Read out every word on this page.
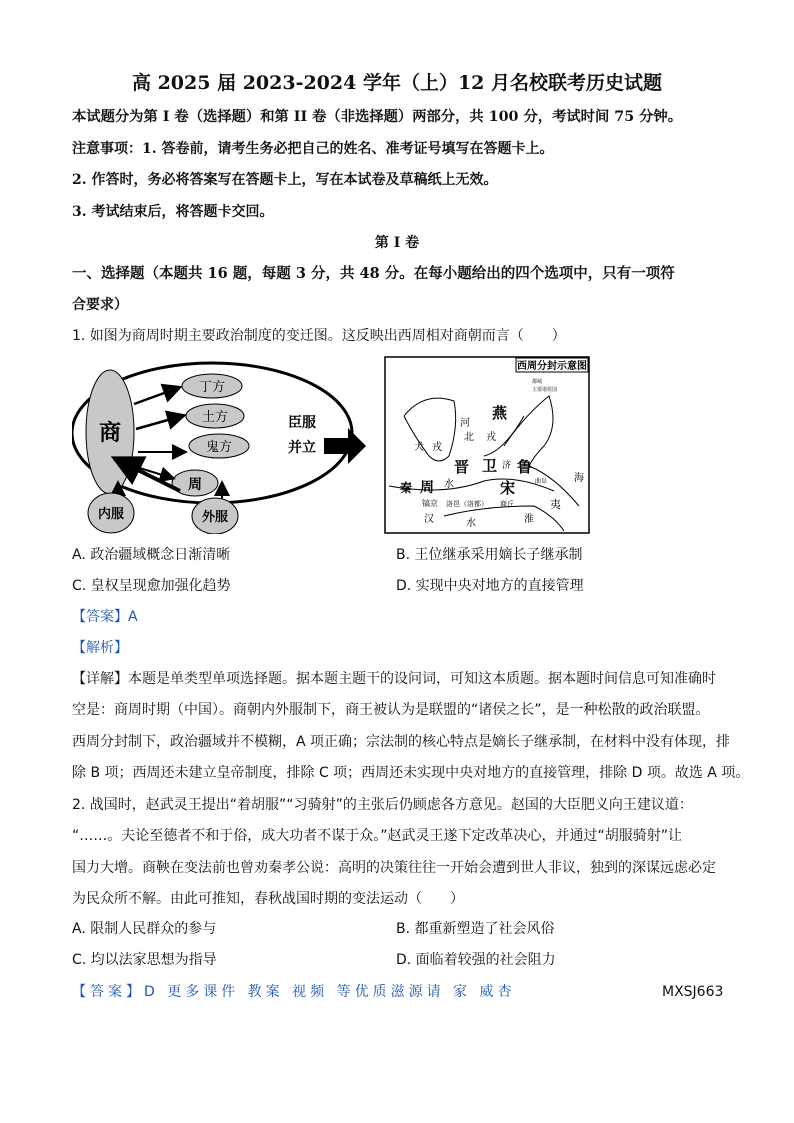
高 2025 届 2023-2024 学年（上）12 月名校联考历史试题
本试题分为第 I 卷（选择题）和第 II 卷（非选择题）两部分，共 100 分，考试时间 75 分钟。
注意事项：1. 答卷前，请考生务必把自己的姓名、准考证号填写在答题卡上。
2. 作答时，务必将答案写在答题卡上，写在本试卷及草稿纸上无效。
3. 考试结束后，将答题卡交回。
第 I 卷
一、选择题（本题共 16 题，每题 3 分，共 48 分。在每小题给出的四个选项中，只有一项符
合要求）
1. 如图为商周时期主要政治制度的变迁图。这反映出西周相对商朝而言（　　）
商
丁方
土方
鬼方
周
内服	外服
臣服
并立
西周分封示意图
都城
主要诸侯国
燕
晋	鲁
宋
卫
秦 周
镐京 洛邑（洛都）
河
北 戎
犬 戎
淮
海
夷
汉
水
水
济
曲阜
商丘
A. 政治疆域概念日渐清晰	B. 王位继承采用嫡长子继承制
C. 皇权呈现愈加强化趋势	D. 实现中央对地方的直接管理
【答案】A
【解析】
【详解】本题是单类型单项选择题。据本题主题干的设问词，可知这本质题。据本题时间信息可知准确时
空是：商周时期（中国）。商朝内外服制下，商王被认为是联盟的“诸侯之长”，是一种松散的政治联盟。
西周分封制下，政治疆域并不模糊，A 项正确；宗法制的核心特点是嫡长子继承制，在材料中没有体现，排
除 B 项；西周还未建立皇帝制度，排除 C 项；西周还未实现中央对地方的直接管理，排除 D 项。故选 A 项。
2. 战国时，赵武灵王提出“着胡服”“习骑射”的主张后仍顾虑各方意见。赵国的大臣肥义向王建议道：
“……。夫论至德者不和于俗，成大功者不谋于众。”赵武灵王遂下定改革决心，并通过“胡服骑射”让
国力大增。商鞅在变法前也曾劝秦孝公说：高明的决策往往一开始会遭到世人非议，独到的深谋远虑必定
为民众所不解。由此可推知，春秋战国时期的变法运动（　　）
A. 限制人民群众的参与	B. 都重新塑造了社会风俗
C. 均以法家思想为指导	D. 面临着较强的社会阻力
【答案】D 更多课件 教案 视频 等优质滋源请 家 威杏	MXSJ663
